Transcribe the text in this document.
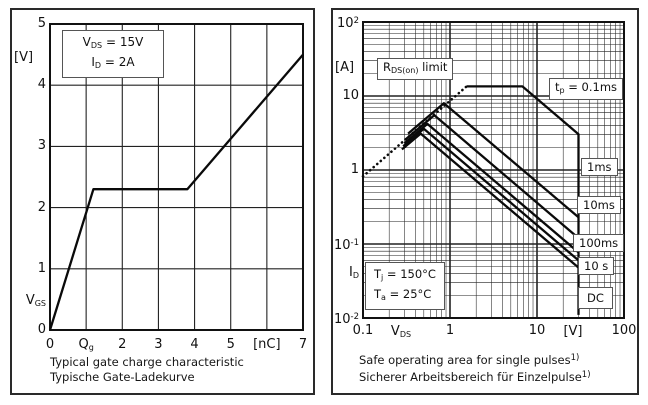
[V]
$V_{GS}$
$V_{DS} = 15V$
$I_D = 2A$
Typical gate charge characteristic
Typische Gate-Ladekurve
0	$Q_g$	2	3	4	5	[nC]	7
0
1
2
3
4
5
[A]
$I_D$
$V_{DS}$	[V]
$R_{DS(on)}$ limit
$t_p = 0.1ms$
1ms
10ms
100ms
10 s
DC
$T_j = 150^\circ C$
$T_a = 25^\circ C$
Safe operating area for single pulses$^{1)}$
Sicherer Arbeitsbereich für Einzelpulse$^{1)}$
0.1	1	10	100
$10^2$
10
1
$10^{-1}$
$10^{-2}$
